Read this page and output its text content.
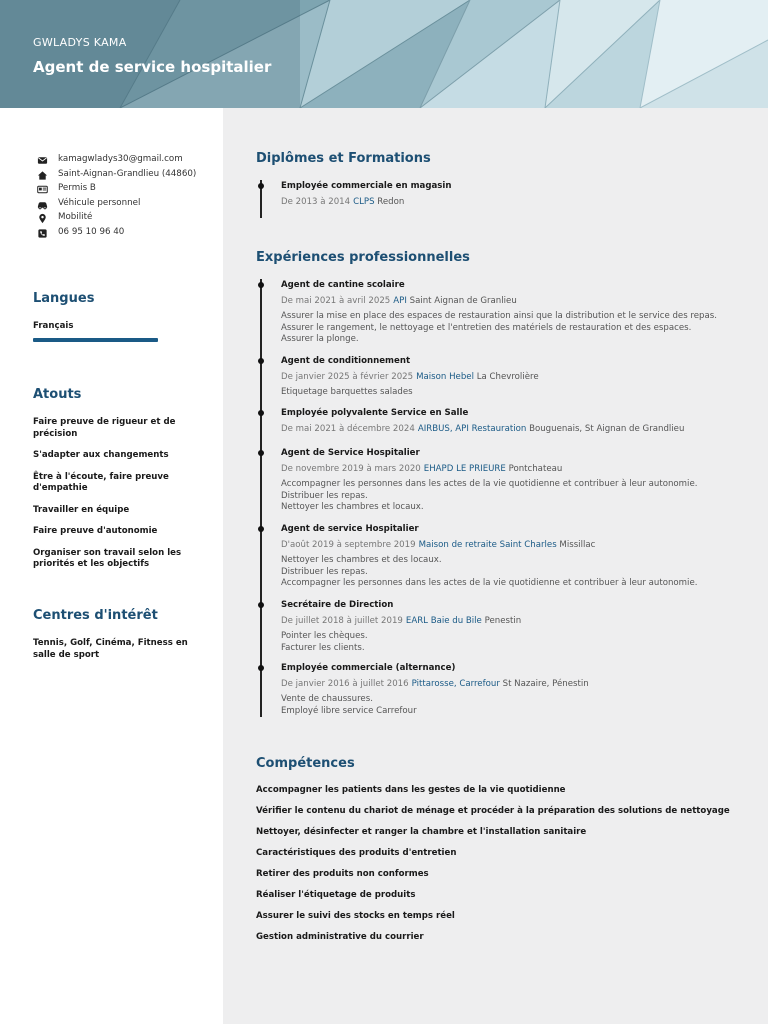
GWLADYS KAMA
Agent de service hospitalier
kamagwladys30@gmail.com
Saint-Aignan-Grandlieu (44860)
Permis B
Véhicule personnel
Mobilité
06 95 10 96 40
Langues
Français
Atouts
Faire preuve de rigueur et de précision
S'adapter aux changements
Être à l'écoute, faire preuve d'empathie
Travailler en équipe
Faire preuve d'autonomie
Organiser son travail selon les priorités et les objectifs
Centres d'intérêt
Tennis, Golf, Cinéma, Fitness en salle de sport
Diplômes et Formations
Employée commerciale en magasin
De 2013 à 2014 CLPS Redon
Expériences professionnelles
Agent de cantine scolaire
De mai 2021 à avril 2025 API Saint Aignan de Granlieu
Assurer la mise en place des espaces de restauration ainsi que la distribution et le service des repas.
Assurer le rangement, le nettoyage et l'entretien des matériels de restauration et des espaces.
Assurer la plonge.
Agent de conditionnement
De janvier 2025 à février 2025 Maison Hebel La Chevrolière
Etiquetage barquettes salades
Employée polyvalente Service en Salle
De mai 2021 à décembre 2024 AIRBUS, API Restauration Bouguenais, St Aignan de Grandlieu
Agent de Service Hospitalier
De novembre 2019 à mars 2020 EHAPD LE PRIEURE Pontchateau
Accompagner les personnes dans les actes de la vie quotidienne et contribuer à leur autonomie.
Distribuer les repas.
Nettoyer les chambres et locaux.
Agent de service Hospitalier
D'août 2019 à septembre 2019 Maison de retraite Saint Charles Missillac
Nettoyer les chambres et des locaux.
Distribuer les repas.
Accompagner les personnes dans les actes de la vie quotidienne et contribuer à leur autonomie.
Secrétaire de Direction
De juillet 2018 à juillet 2019 EARL Baie du Bile Penestin
Pointer les chèques.
Facturer les clients.
Employée commerciale (alternance)
De janvier 2016 à juillet 2016 Pittarosse, Carrefour St Nazaire, Pénestin
Vente de chaussures.
Employé libre service Carrefour
Compétences
Accompagner les patients dans les gestes de la vie quotidienne
Vérifier le contenu du chariot de ménage et procéder à la préparation des solutions de nettoyage
Nettoyer, désinfecter et ranger la chambre et l'installation sanitaire
Caractéristiques des produits d'entretien
Retirer des produits non conformes
Réaliser l'étiquetage de produits
Assurer le suivi des stocks en temps réel
Gestion administrative du courrier
